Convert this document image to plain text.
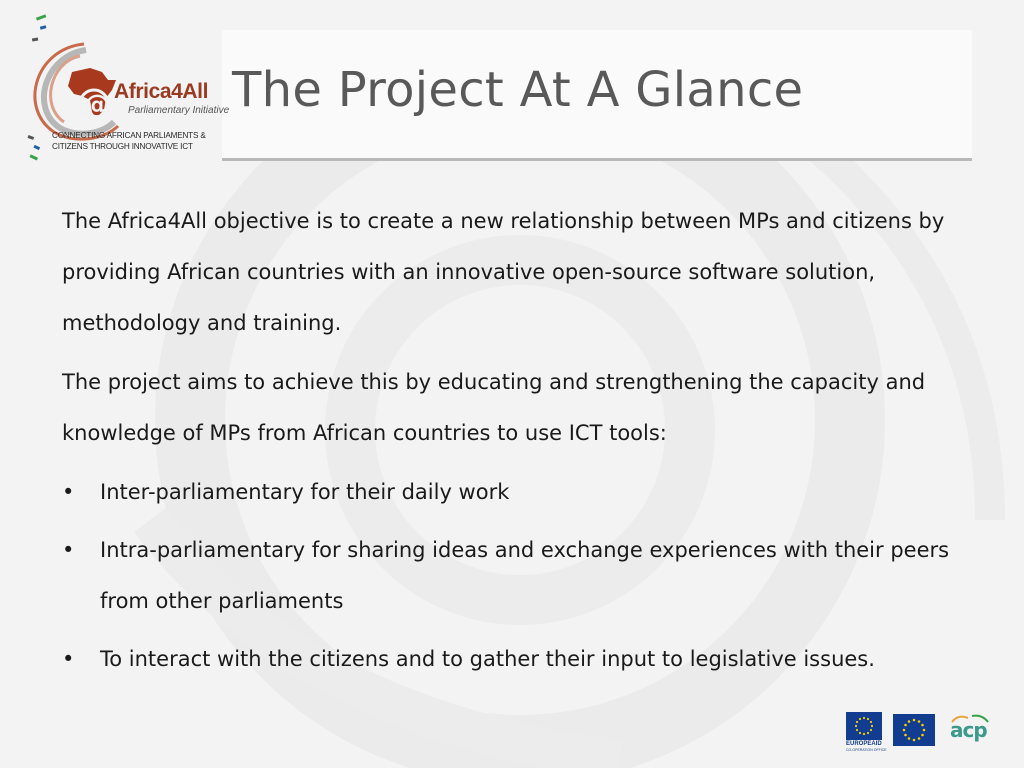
The Project At A Glance
@ Africa4All
Parliamentary Initiative
CONNECTING AFRICAN PARLIAMENTS &
CITIZENS THROUGH INNOVATIVE ICT

The Africa4All objective is to create a new relationship between MPs and citizens by providing African countries with an innovative open-source software solution, methodology and training.

The project aims to achieve this by educating and strengthening the capacity and knowledge of MPs from African countries to use ICT tools:

• Inter-parliamentary for their daily work
• Intra-parliamentary for sharing ideas and exchange experiences with their peers from other parliaments
• To interact with the citizens and to gather their input to legislative issues.
EUROPEAID
CO-OPERATION OFFICE
acp
